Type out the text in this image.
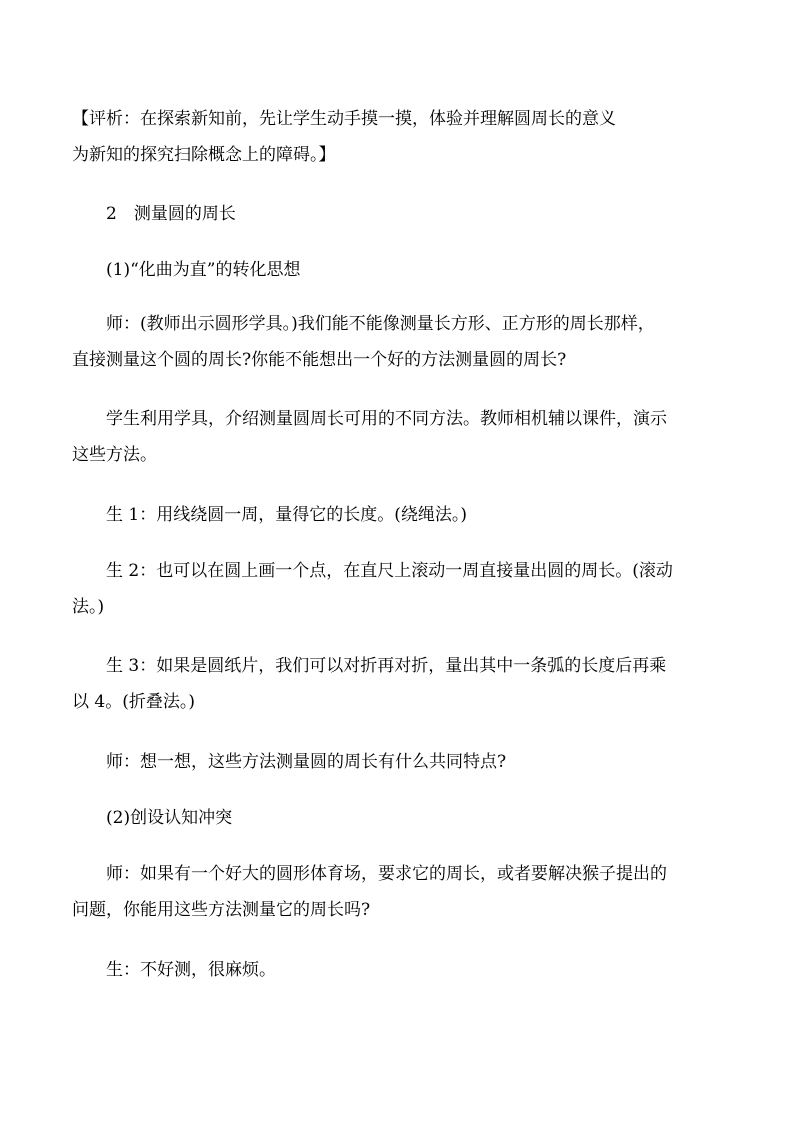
【评析：在探索新知前，先让学生动手摸一摸，体验并理解圆周长的意义
为新知的探究扫除概念上的障碍。】

2　测量圆的周长

(1)“化曲为直”的转化思想

师：(教师出示圆形学具。)我们能不能像测量长方形、正方形的周长那样，
直接测量这个圆的周长?你能不能想出一个好的方法测量圆的周长?

学生利用学具，介绍测量圆周长可用的不同方法。教师相机辅以课件，演示
这些方法。

生 1：用线绕圆一周，量得它的长度。(绕绳法。)

生 2：也可以在圆上画一个点，在直尺上滚动一周直接量出圆的周长。(滚动
法。)

生 3：如果是圆纸片，我们可以对折再对折，量出其中一条弧的长度后再乘
以 4。(折叠法。)

师：想一想，这些方法测量圆的周长有什么共同特点?

(2)创设认知冲突

师：如果有一个好大的圆形体育场，要求它的周长，或者要解决猴子提出的
问题，你能用这些方法测量它的周长吗?

生：不好测，很麻烦。
